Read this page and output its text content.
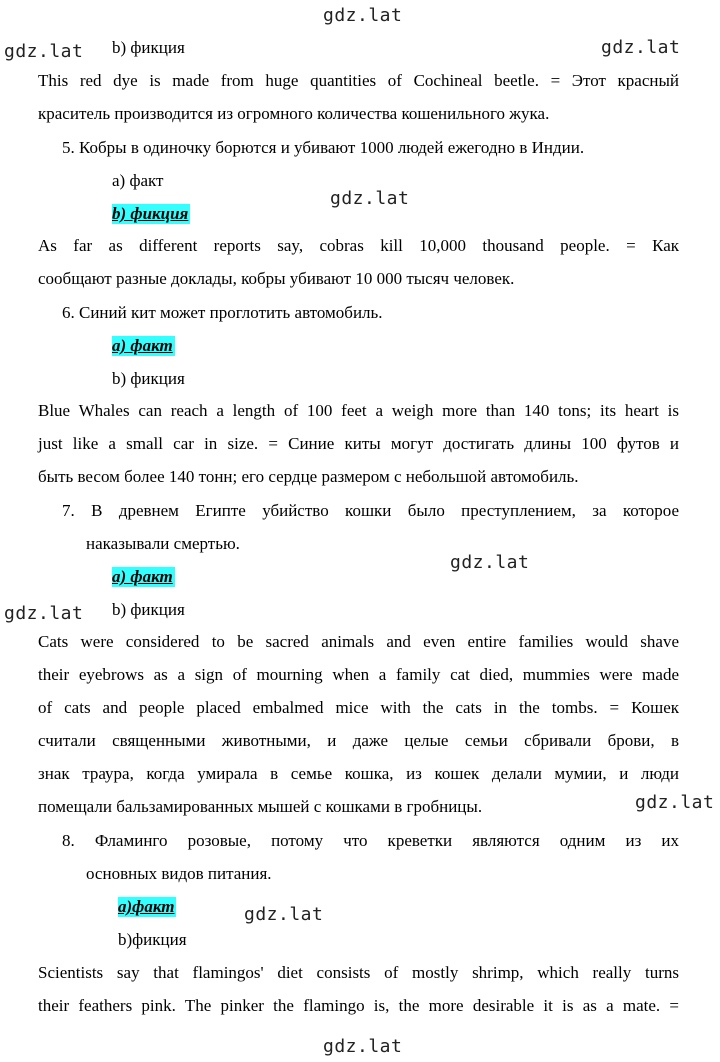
gdz.lat
gdz.lat	gdz.lat
gdz.lat
gdz.lat
gdz.lat
gdz.lat
gdz.lat
gdz.lat
b) фикция
This red dye is made from huge quantities of Cochineal beetle. = Этот красный
краситель производится из огромного количества кошенильного жука.
5. Кобры в одиночку борются и убивают 1000 людей ежегодно в Индии.
a) факт
b) фикция
As far as different reports say, cobras kill 10,000 thousand people. = Как
сообщают разные доклады, кобры убивают 10 000 тысяч человек.
6. Синий кит может проглотить автомобиль.
a) факт
b) фикция
Blue Whales can reach a length of 100 feet a weigh more than 140 tons; its heart is
just like a small car in size. = Синие киты могут достигать длины 100 футов и
быть весом более 140 тонн; его сердце размером с небольшой автомобиль.
7. В древнем Египте убийство кошки было преступлением, за которое
наказывали смертью.
a) факт
b) фикция
Cats were considered to be sacred animals and even entire families would shave
their eyebrows as a sign of mourning when a family cat died, mummies were made
of cats and people placed embalmed mice with the cats in the tombs. = Кошек
считали священными животными, и даже целые семьи сбривали брови, в
знак траура, когда умирала в семье кошка, из кошек делали мумии, и люди
помещали бальзамированных мышей с кошками в гробницы.
8. Фламинго розовые, потому что креветки являются одним из их
основных видов питания.
a)факт
b)фикция
Scientists say that flamingos' diet consists of mostly shrimp, which really turns
their feathers pink. The pinker the flamingo is, the more desirable it is as a mate. =
